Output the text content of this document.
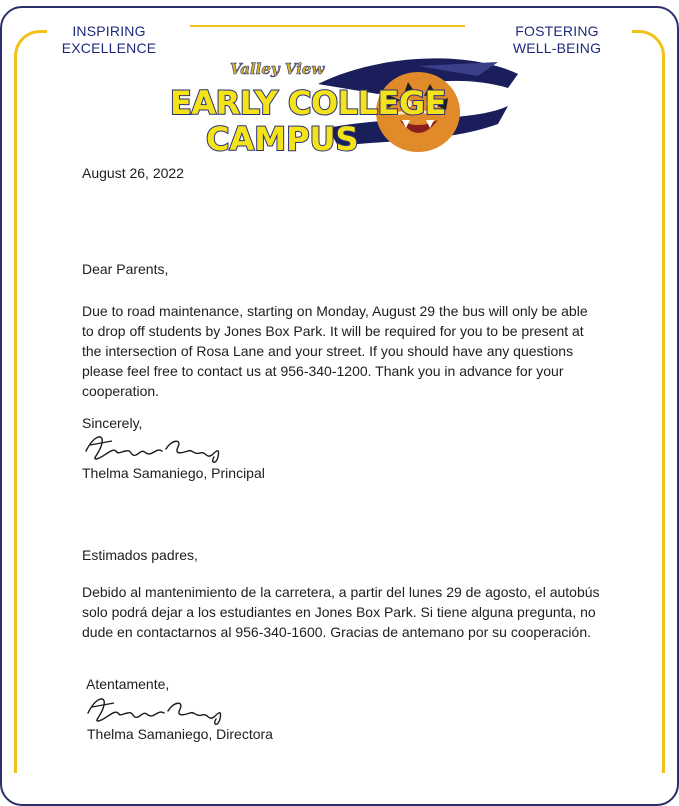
INSPIRING
EXCELLENCE
FOSTERING
WELL-BEING
Valley View
EARLY COLLEGE
CAMPUS
August 26, 2022
Dear Parents,
Due to road maintenance, starting on Monday, August 29 the bus will only be able to drop off students by Jones Box Park. It will be required for you to be present at the intersection of Rosa Lane and your street. If you should have any questions please feel free to contact us at 956-340-1200. Thank you in advance for your cooperation.
Sincerely,
Thelma Samaniego, Principal
Estimados padres,
Debido al mantenimiento de la carretera, a partir del lunes 29 de agosto, el autobús solo podrá dejar a los estudiantes en Jones Box Park. Si tiene alguna pregunta, no dude en contactarnos al 956-340-1600. Gracias de antemano por su cooperación.
Atentamente,
Thelma Samaniego, Directora
